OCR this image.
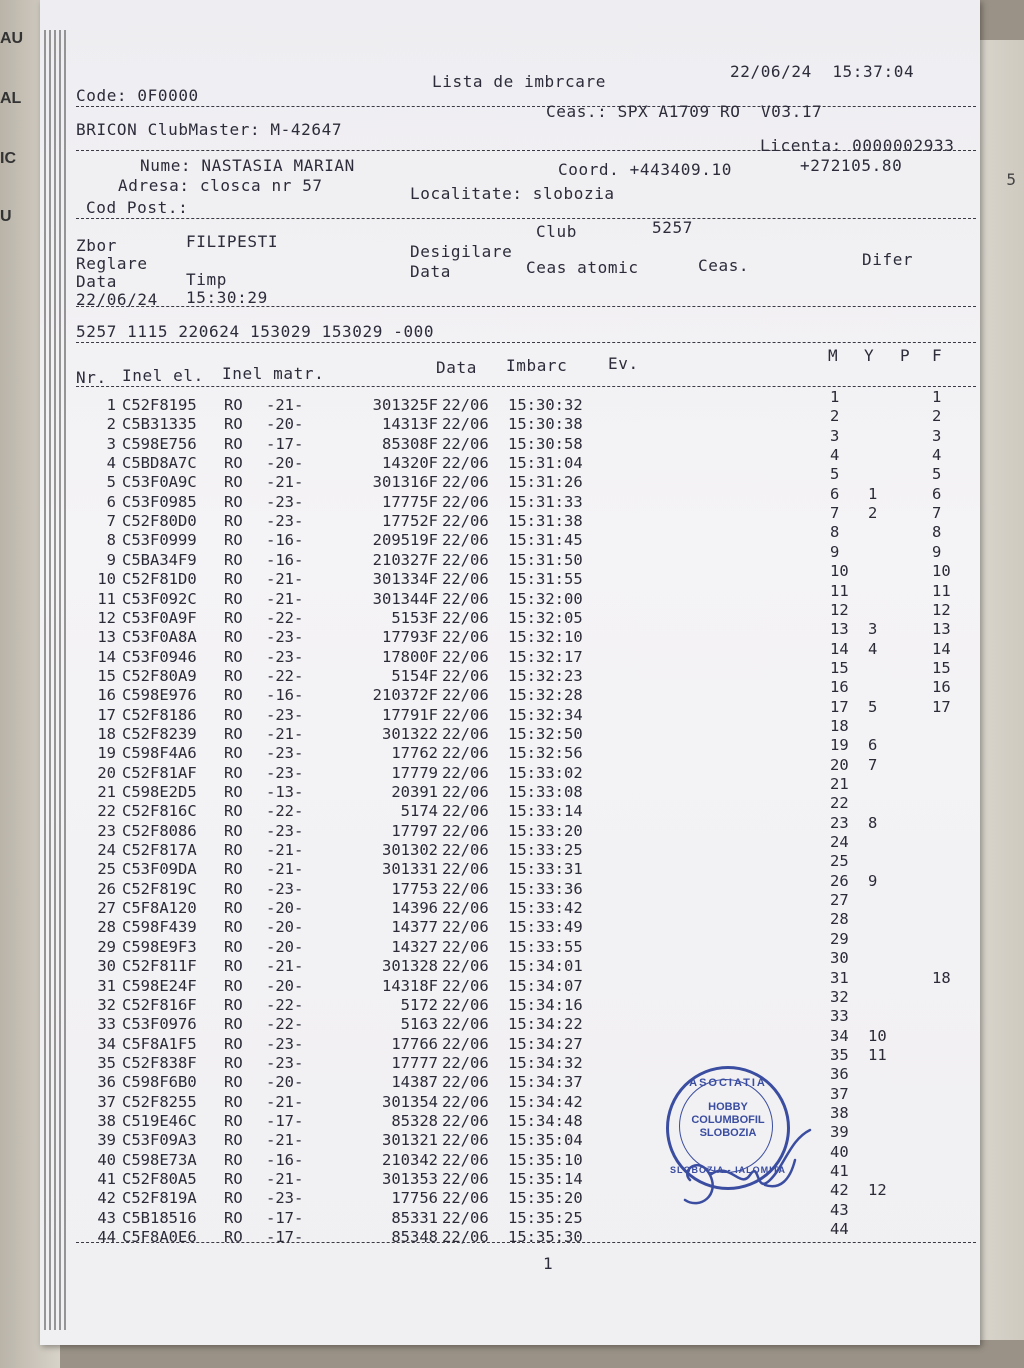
AU
AL
IC
U
5
Code: 0F0000
Lista de imbrcare
22/06/24  15:37:04
BRICON ClubMaster: M-42647
Ceas.: SPX A1709 RO  V03.17
Licenta: 0000002933
Nume: NASTASIA MARIAN
Adresa: closca nr 57
Cod Post.:
Coord. +443409.10	+272105.80
Localitate: slobozia
Zbor	FILIPESTI
Club	5257
Reglare
Desigilare
Data	Timp	Data	Ceas atomic	Ceas.	Difer
22/06/24 15:30:29
5257 1115 220624 153029 153029 -000
Nr. Inel el. Inel matr.	Data Imbarc	Ev.	M Y P F
1 C52F8195 RO -21-	301325F 22/06 15:30:32	1	1
2 C5B31335 RO -20-	14313F 22/06 15:30:38	2	2
3 C598E756 RO -17-	85308F 22/06 15:30:58	3	3
4 C5BD8A7C RO -20-	14320F 22/06 15:31:04	4	4
5 C53F0A9C RO -21-	301316F 22/06 15:31:26	5	5
6 C53F0985 RO -23-	17775F 22/06 15:31:33	6 1	6
7 C52F80D0 RO -23-	17752F 22/06 15:31:38	7 2	7
8 C53F0999 RO -16-	209519F 22/06 15:31:45	8	8
9 C5BA34F9 RO -16-	210327F 22/06 15:31:50	9	9
10 C52F81D0 RO -21-	301334F 22/06 15:31:55	10	10
11 C53F092C RO -21-	301344F 22/06 15:32:00	11	11
12 C53F0A9F RO -22-	5153F 22/06 15:32:05	12	12
13 C53F0A8A RO -23-	17793F 22/06 15:32:10	13 3	13
14 C53F0946 RO -23-	17800F 22/06 15:32:17	14 4	14
15 C52F80A9 RO -22-	5154F 22/06 15:32:23	15	15
16 C598E976 RO -16-	210372F 22/06 15:32:28	16	16
17 C52F8186 RO -23-	17791F 22/06 15:32:34	17 5	17
18 C52F8239 RO -21-	301322 22/06 15:32:50	18
19 C598F4A6 RO -23-	17762 22/06 15:32:56	19 6
20 C52F81AF RO -23-	17779 22/06 15:33:02	20 7
21 C598E2D5 RO -13-	20391 22/06 15:33:08	21
22 C52F816C RO -22-	5174 22/06 15:33:14	22
23 C52F8086 RO -23-	17797 22/06 15:33:20	23 8
24 C52F817A RO -21-	301302 22/06 15:33:25	24
25 C53F09DA RO -21-	301331 22/06 15:33:31	25
26 C52F819C RO -23-	17753 22/06 15:33:36	26 9
27 C5F8A120 RO -20-	14396 22/06 15:33:42	27
28 C598F439 RO -20-	14377 22/06 15:33:49	28
29 C598E9F3 RO -20-	14327 22/06 15:33:55	29
30 C52F811F RO -21-	301328 22/06 15:34:01	30
31 C598E24F RO -20-	14318F 22/06 15:34:07	31	18
32 C52F816F RO -22-	5172 22/06 15:34:16	32
33 C53F0976 RO -22-	5163 22/06 15:34:22	33
34 C5F8A1F5 RO -23-	17766 22/06 15:34:27	34 10
35 C52F838F RO -23-	17777 22/06 15:34:32	35 11
36 C598F6B0 RO -20-	14387 22/06 15:34:37	36
37 C52F8255 RO -21-	301354 22/06 15:34:42	37
38 C519E46C RO -17-	85328 22/06 15:34:48	38
39 C53F09A3 RO -21-	301321 22/06 15:35:04	39
40 C598E73A RO -16-	210342 22/06 15:35:10	40
41 C52F80A5 RO -21-	301353 22/06 15:35:14	41
42 C52F819A RO -23-	17756 22/06 15:35:20	42 12
43 C5B18516 RO -17-	85331 22/06 15:35:25	43
44 C5F8A0E6 RO -17-	85348 22/06 15:35:30	44
1
ASOCIATIA
HOBBY
COLUMBOFIL
SLOBOZIA
SLOBOZIA - IALOMITA
